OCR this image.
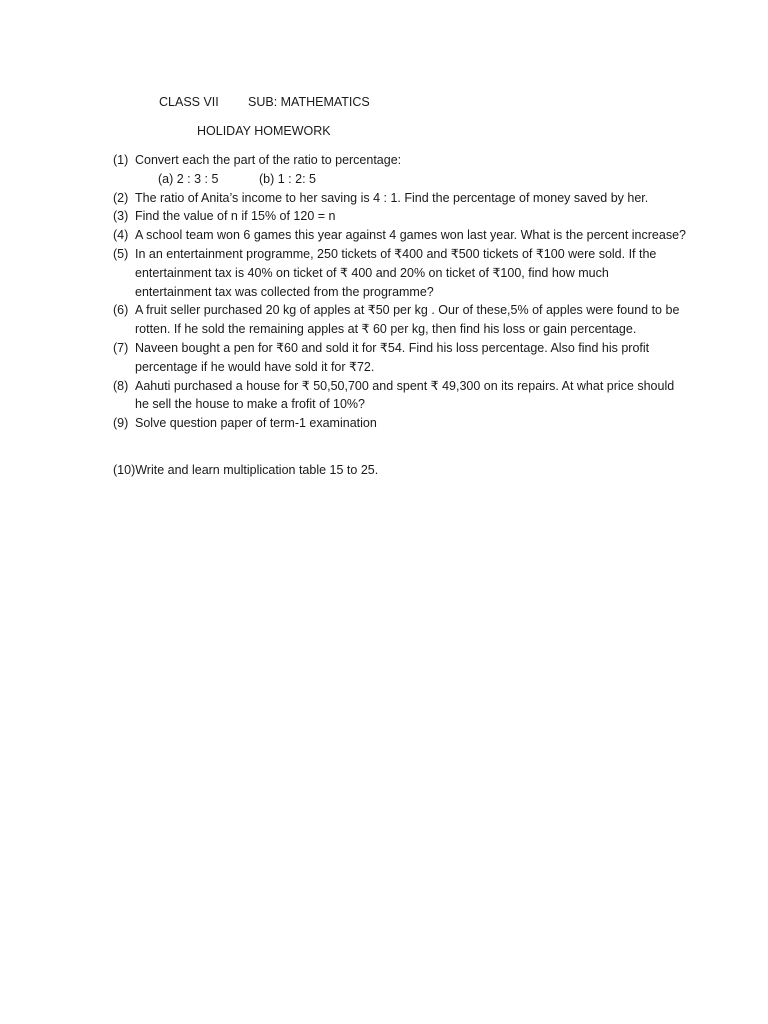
CLASS VII SUB: MATHEMATICS
HOLIDAY HOMEWORK
(1) Convert each the part of the ratio to percentage:
(a) 2 : 3 : 5	(b) 1 : 2: 5
(2) The ratio of Anita’s income to her saving is 4 : 1. Find the percentage of money saved by her.
(3) Find the value of n if 15% of 120 = n
(4) A school team won 6 games this year against 4 games won last year. What is the percent increase?
(5) In an entertainment programme, 250 tickets of ₹400 and ₹500 tickets of ₹100 were sold. If the entertainment tax is 40% on ticket of ₹ 400 and 20% on ticket of ₹100, find how much entertainment tax was collected from the programme?
(6) A fruit seller purchased 20 kg of apples at ₹50 per kg . Our of these,5% of apples were found to be rotten. If he sold the remaining apples at ₹ 60 per kg, then find his loss or gain percentage.
(7) Naveen bought a pen for ₹60 and sold it for ₹54. Find his loss percentage. Also find his profit percentage if he would have sold it for ₹72.
(8) Aahuti purchased a house for ₹ 50,50,700 and spent ₹ 49,300 on its repairs. At what price should he sell the house to make a frofit of 10%?
(9) Solve question paper of term-1 examination
(10)Write and learn multiplication table 15 to 25.
